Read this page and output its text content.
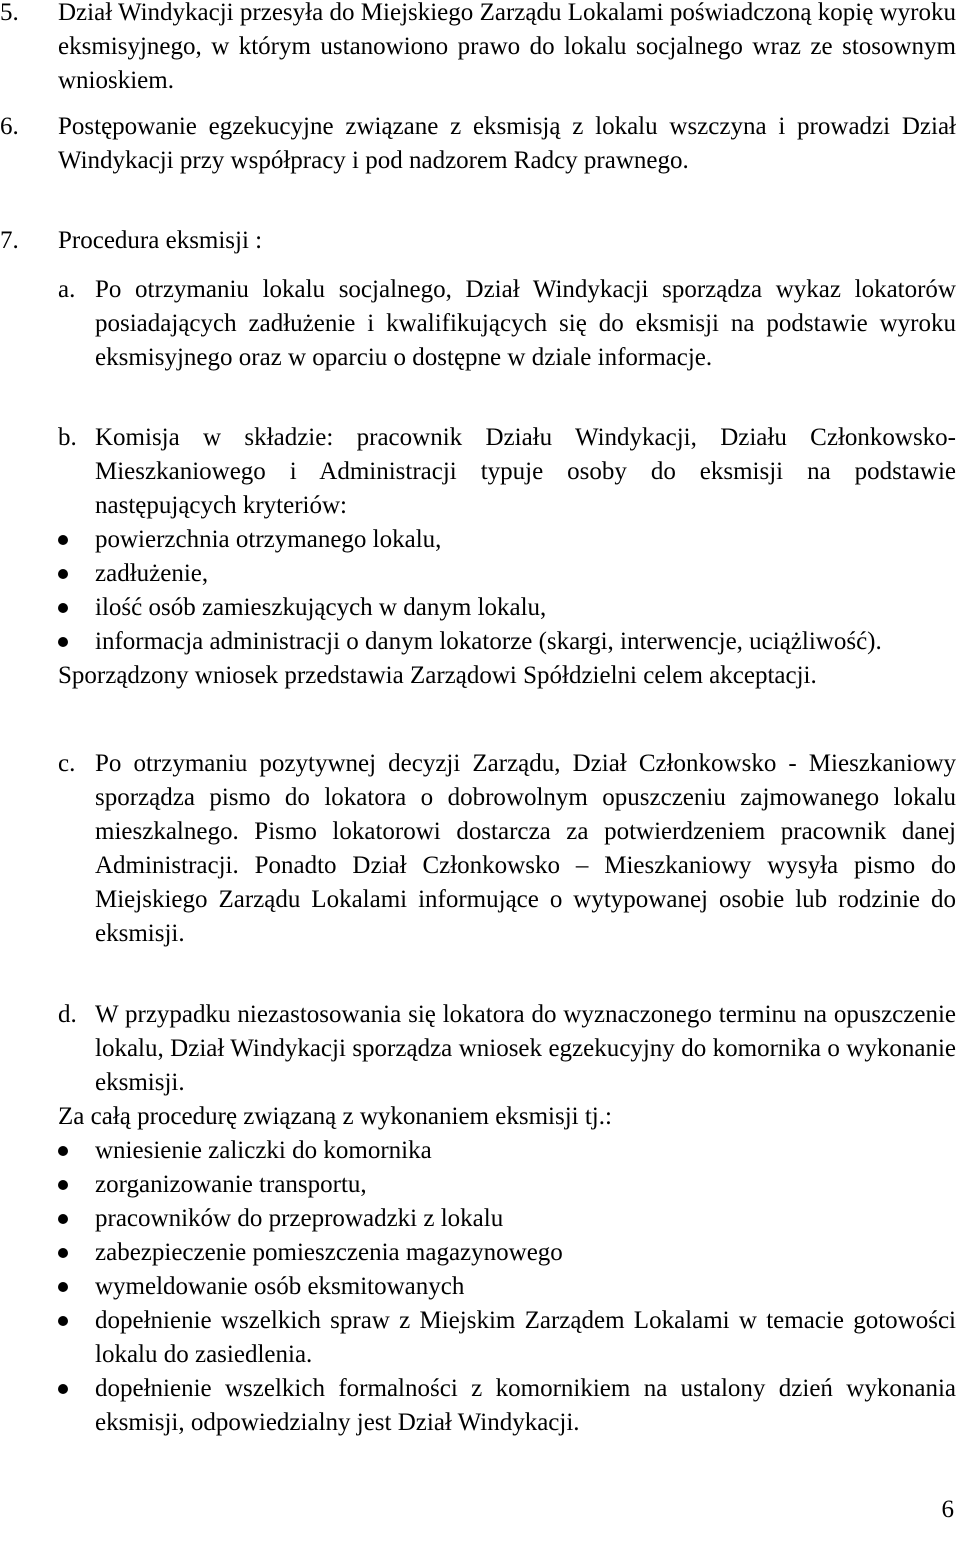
5. Dział Windykacji przesyła do Miejskiego Zarządu Lokalami poświadczoną kopię wyroku eksmisyjnego, w którym ustanowiono prawo do lokalu socjalnego wraz ze stosownym wnioskiem.
6. Postępowanie egzekucyjne związane z eksmisją z lokalu wszczyna i prowadzi Dział Windykacji przy współpracy i pod nadzorem Radcy prawnego.
7. Procedura eksmisji :
a. Po otrzymaniu lokalu socjalnego, Dział Windykacji sporządza wykaz lokatorów posiadających zadłużenie i kwalifikujących się do eksmisji na podstawie wyroku eksmisyjnego oraz w oparciu o dostępne w dziale informacje.
b. Komisja w składzie: pracownik Działu Windykacji, Działu Członkowsko-Mieszkaniowego i Administracji typuje osoby do eksmisji na podstawie następujących kryteriów:
powierzchnia otrzymanego lokalu,
zadłużenie,
ilość osób zamieszkujących w danym lokalu,
informacja administracji o danym lokatorze (skargi, interwencje, uciążliwość).
Sporządzony wniosek przedstawia Zarządowi Spółdzielni celem akceptacji.
c. Po otrzymaniu pozytywnej decyzji Zarządu, Dział Członkowsko - Mieszkaniowy sporządza pismo do lokatora o dobrowolnym opuszczeniu zajmowanego lokalu mieszkalnego. Pismo lokatorowi dostarcza za potwierdzeniem pracownik danej Administracji. Ponadto Dział Członkowsko – Mieszkaniowy wysyła pismo do Miejskiego Zarządu Lokalami informujące o wytypowanej osobie lub rodzinie do eksmisji.
d. W przypadku niezastosowania się lokatora do wyznaczonego terminu na opuszczenie lokalu, Dział Windykacji sporządza wniosek egzekucyjny do komornika o wykonanie eksmisji.
Za całą procedurę związaną z wykonaniem eksmisji tj.:
wniesienie zaliczki do komornika
zorganizowanie transportu,
pracowników do przeprowadzki z lokalu
zabezpieczenie pomieszczenia magazynowego
wymeldowanie osób eksmitowanych
dopełnienie wszelkich spraw z Miejskim Zarządem Lokalami w temacie gotowości lokalu do zasiedlenia.
dopełnienie wszelkich formalności z komornikiem na ustalony dzień wykonania eksmisji, odpowiedzialny jest Dział Windykacji.
6
